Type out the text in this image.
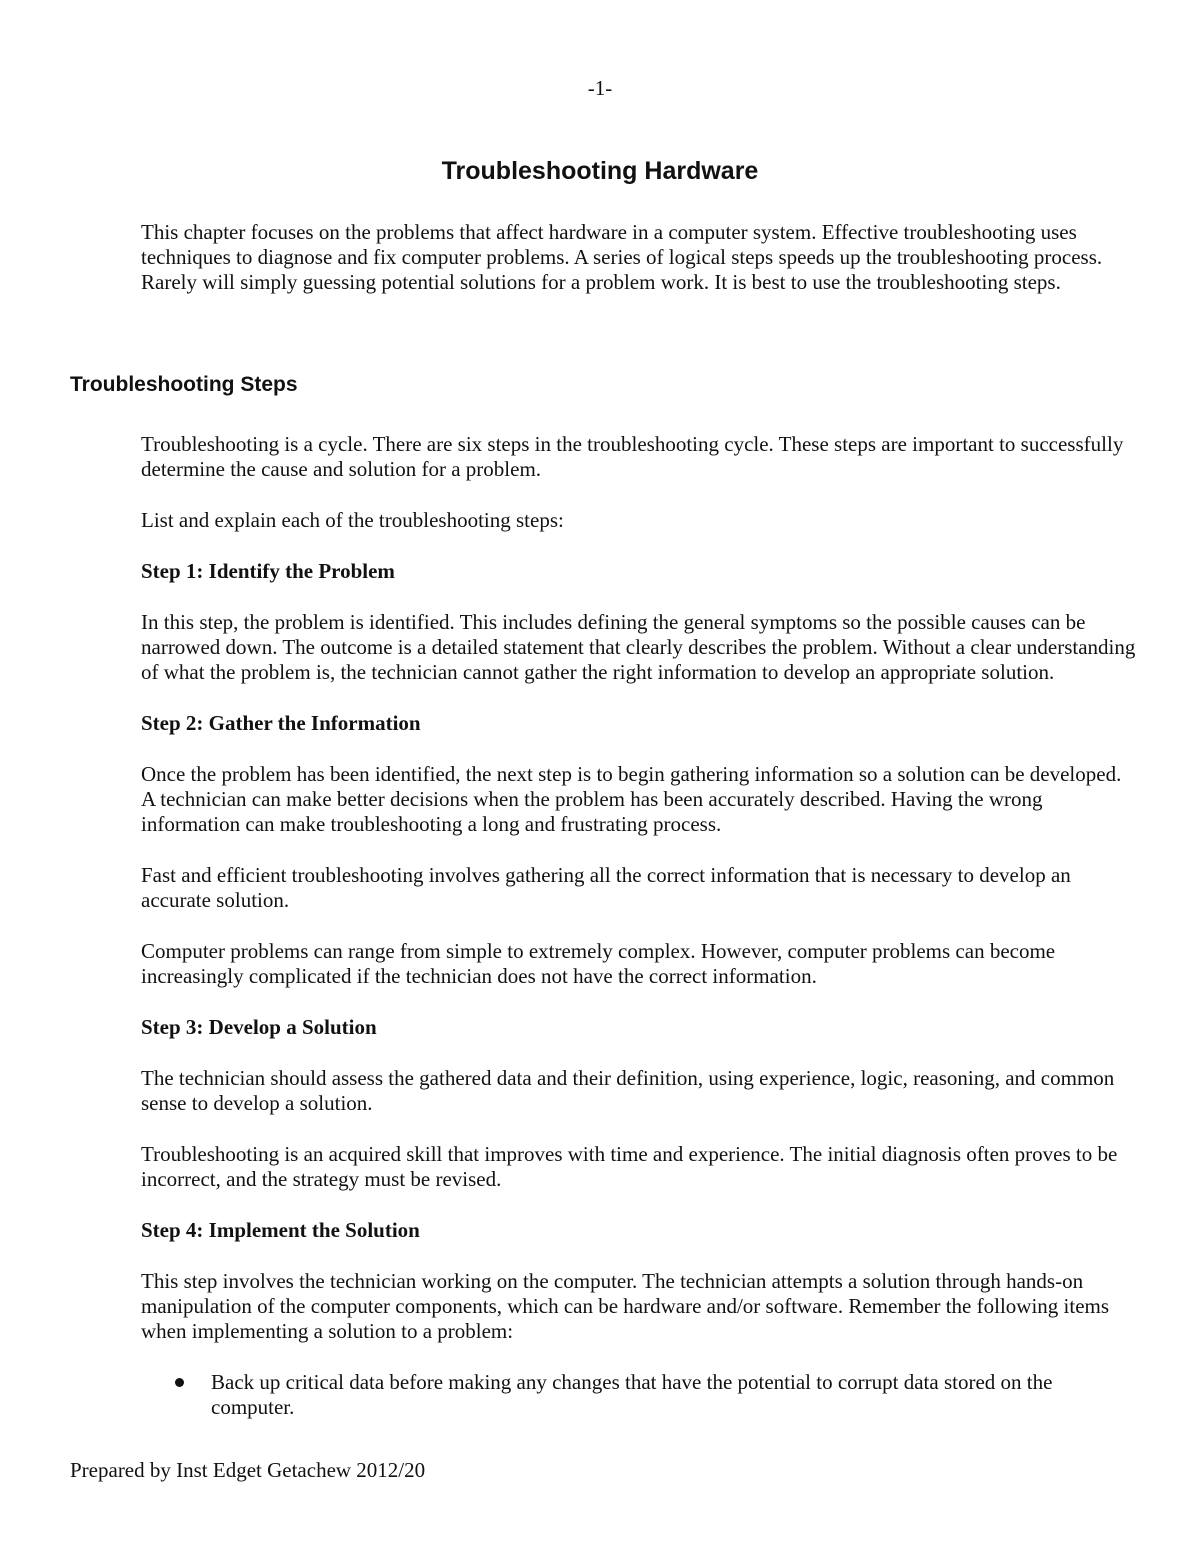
-1-
Troubleshooting Hardware

This chapter focuses on the problems that affect hardware in a computer system. Effective troubleshooting uses techniques to diagnose and fix computer problems. A series of logical steps speeds up the troubleshooting process. Rarely will simply guessing potential solutions for a problem work. It is best to use the troubleshooting steps.

Troubleshooting Steps

Troubleshooting is a cycle. There are six steps in the troubleshooting cycle. These steps are important to successfully determine the cause and solution for a problem.

List and explain each of the troubleshooting steps:

Step 1: Identify the Problem

In this step, the problem is identified. This includes defining the general symptoms so the possible causes can be narrowed down. The outcome is a detailed statement that clearly describes the problem. Without a clear understanding of what the problem is, the technician cannot gather the right information to develop an appropriate solution.

Step 2: Gather the Information

Once the problem has been identified, the next step is to begin gathering information so a solution can be developed. A technician can make better decisions when the problem has been accurately described. Having the wrong information can make troubleshooting a long and frustrating process.

Fast and efficient troubleshooting involves gathering all the correct information that is necessary to develop an accurate solution.

Computer problems can range from simple to extremely complex. However, computer problems can become increasingly complicated if the technician does not have the correct information.

Step 3: Develop a Solution

The technician should assess the gathered data and their definition, using experience, logic, reasoning, and common sense to develop a solution.

Troubleshooting is an acquired skill that improves with time and experience. The initial diagnosis often proves to be incorrect, and the strategy must be revised.

Step 4: Implement the Solution

This step involves the technician working on the computer. The technician attempts a solution through hands-on manipulation of the computer components, which can be hardware and/or software. Remember the following items when implementing a solution to a problem:

Back up critical data before making any changes that have the potential to corrupt data stored on the computer.
Prepared by Inst Edget Getachew 2012/20
